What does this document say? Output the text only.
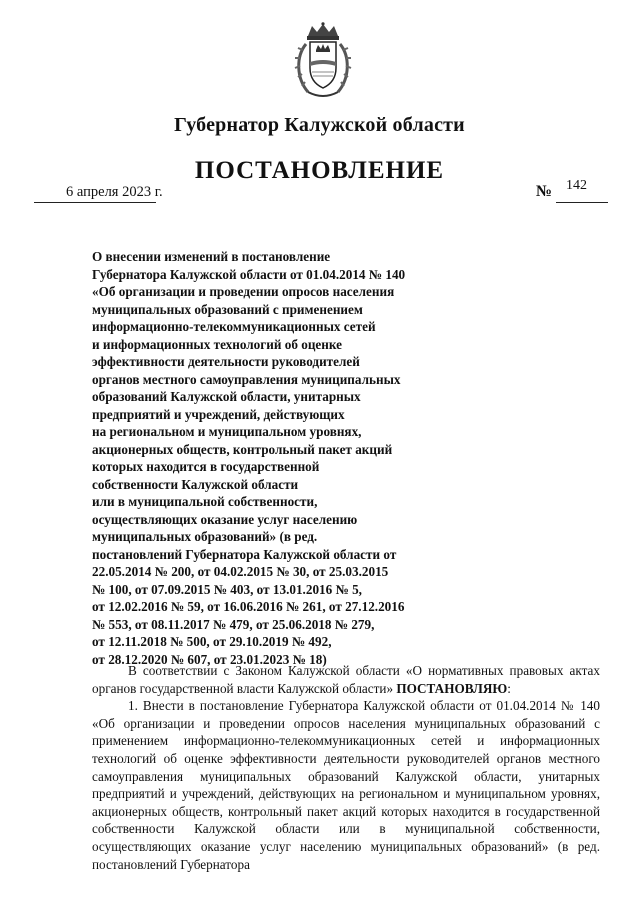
Губернатор Калужской области
ПОСТАНОВЛЕНИЕ
6 апреля 2023 г.	№ 142
О внесении изменений в постановление
Губернатора Калужской области от 01.04.2014 № 140
«Об организации и проведении опросов населения
муниципальных образований с применением
информационно-телекоммуникационных сетей
и информационных технологий об оценке
эффективности деятельности руководителей
органов местного самоуправления муниципальных
образований Калужской области, унитарных
предприятий и учреждений, действующих
на региональном и муниципальном уровнях,
акционерных обществ, контрольный пакет акций
которых находится в государственной
собственности Калужской области
или в муниципальной собственности,
осуществляющих оказание услуг населению
муниципальных образований» (в ред.
постановлений Губернатора Калужской области от
22.05.2014 № 200, от 04.02.2015 № 30, от 25.03.2015
№ 100, от 07.09.2015 № 403, от 13.01.2016 № 5,
от 12.02.2016 № 59, от 16.06.2016 № 261, от 27.12.2016
№ 553, от 08.11.2017 № 479, от 25.06.2018 № 279,
от 12.11.2018 № 500, от 29.10.2019 № 492,
от 28.12.2020 № 607, от 23.01.2023 № 18)

В соответствии с Законом Калужской области «О нормативных правовых актах органов государственной власти Калужской области» ПОСТАНОВЛЯЮ:

1. Внести в постановление Губернатора Калужской области от 01.04.2014 № 140 «Об организации и проведении опросов населения муниципальных образований с применением информационно-телекоммуникационных сетей и информационных технологий об оценке эффективности деятельности руководителей органов местного самоуправления муниципальных образований Калужской области, унитарных предприятий и учреждений, действующих на региональном и муниципальном уровнях, акционерных обществ, контрольный пакет акций которых находится в государственной собственности Калужской области или в муниципальной собственности, осуществляющих оказание услуг населению муниципальных образований» (в ред. постановлений Губернатора
